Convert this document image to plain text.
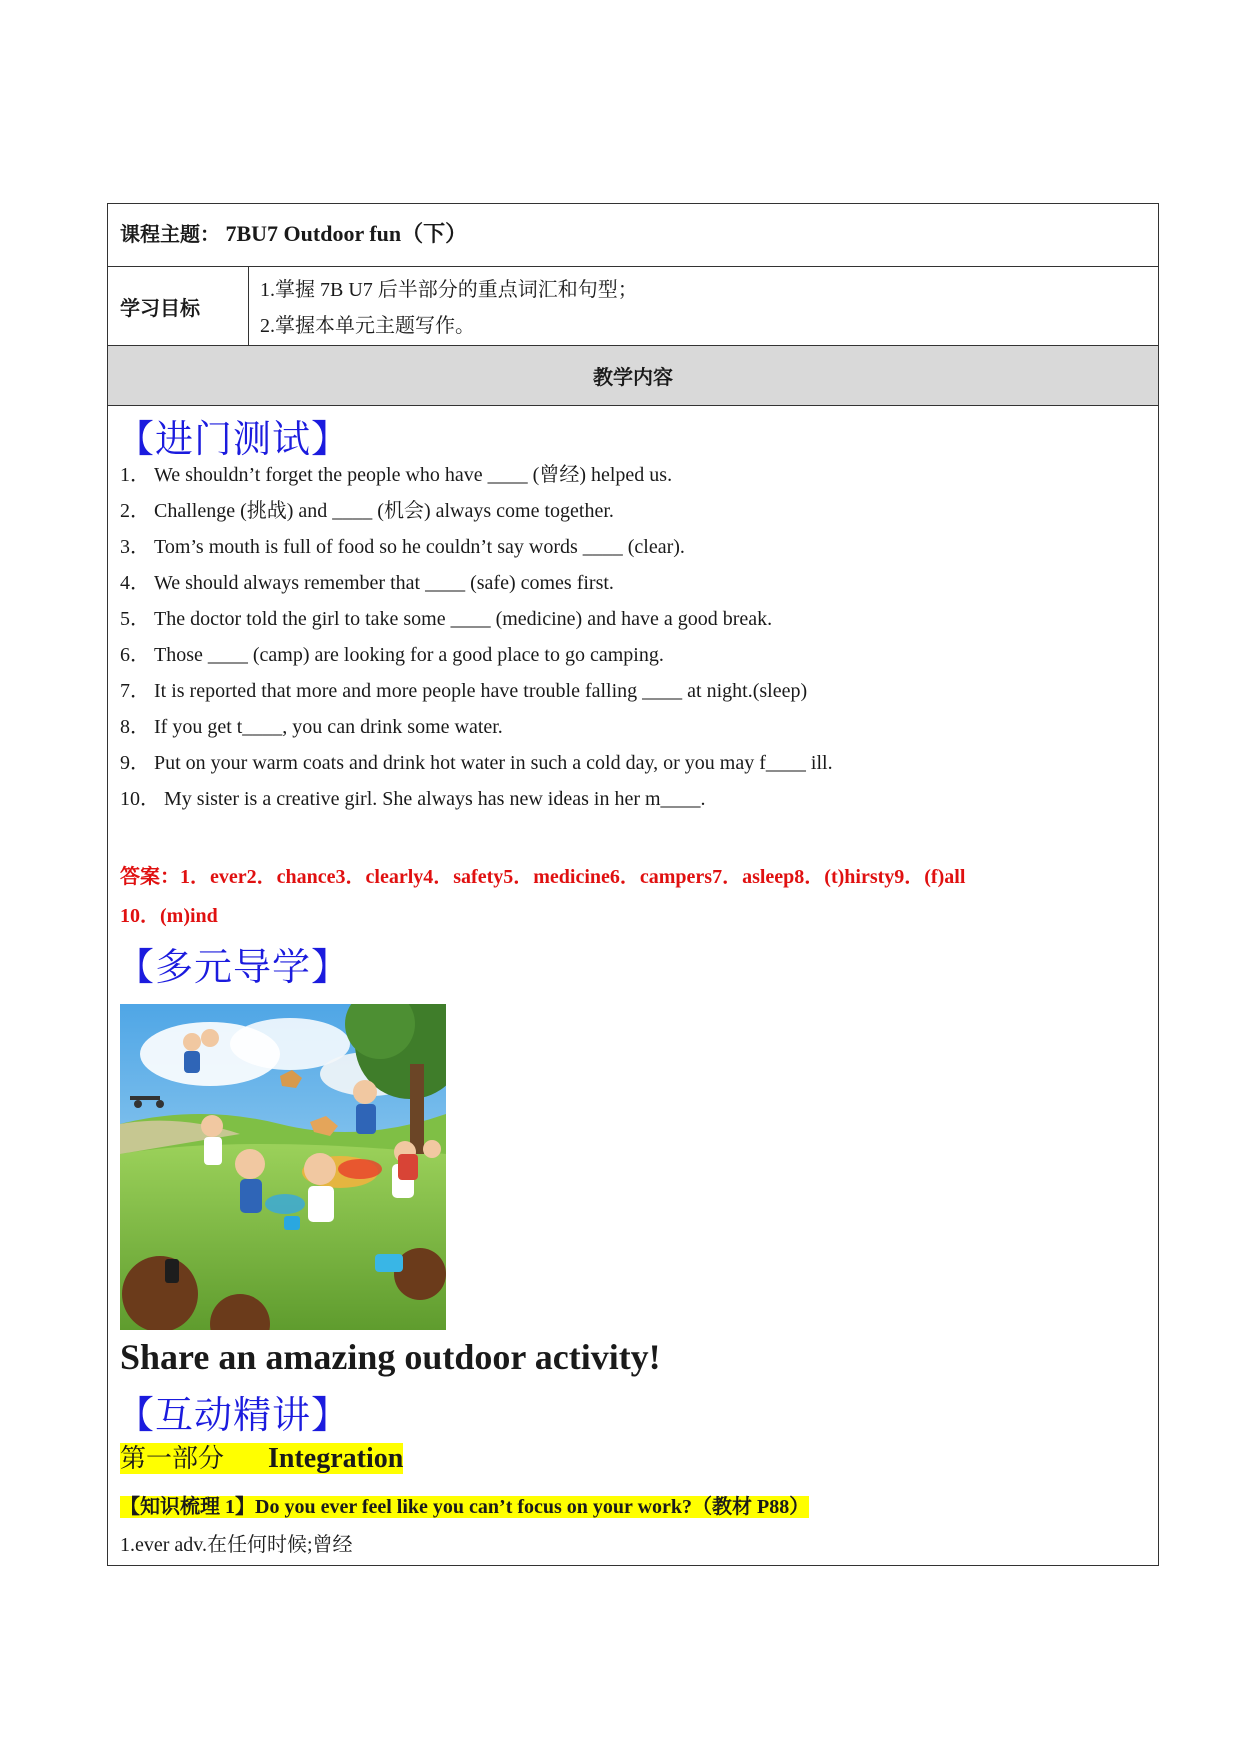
课程主题： 7BU7 Outdoor fun（下）
学习目标
1.掌握 7B U7 后半部分的重点词汇和句型；
2.掌握本单元主题写作。
教学内容
【进门测试】
1． We shouldn’t forget the people who have ____ (曾经) helped us.
2． Challenge (挑战) and ____ (机会) always come together.
3． Tom’s mouth is full of food so he couldn’t say words ____ (clear).
4． We should always remember that ____ (safe) comes first.
5． The doctor told the girl to take some ____ (medicine) and have a good break.
6． Those ____ (camp) are looking for a good place to go camping.
7． It is reported that more and more people have trouble falling ____ at night.(sleep)
8． If you get t____, you can drink some water.
9． Put on your warm coats and drink hot water in such a cold day, or you may f____ ill.
10． My sister is a creative girl. She always has new ideas in her m____.
答案：1．ever2．chance3．clearly4．safety5．medicine6．campers7．asleep8．(t)hirsty9．(f)all
10．(m)ind
【多元导学】
Share an amazing outdoor activity!
【互动精讲】
第一部分 Integration
【知识梳理 1】Do you ever feel like you can’t focus on your work?（教材 P88）
1.ever adv.在任何时候;曾经
